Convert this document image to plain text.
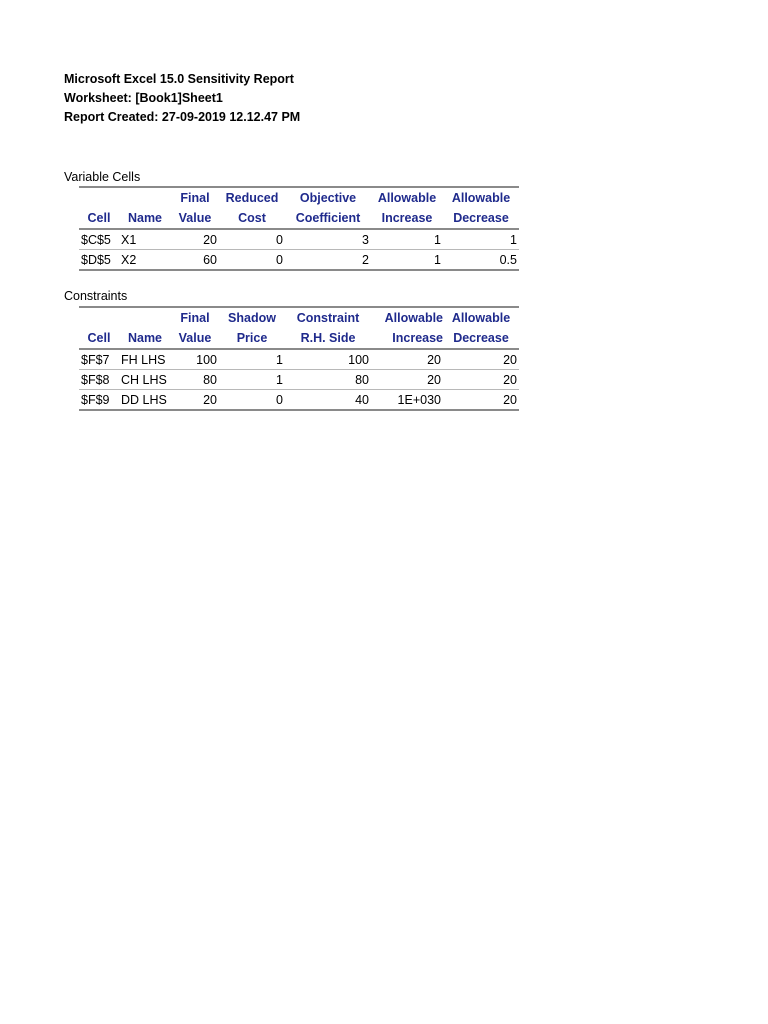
Microsoft Excel 15.0 Sensitivity Report
Worksheet: [Book1]Sheet1
Report Created: 27-09-2019 12.12.47 PM
Variable Cells
		Final	Reduced	Objective	Allowable	Allowable
Cell	Name	Value	Cost	Coefficient	Increase	Decrease
$C$5	X1	20	0	3	1	1
$D$5	X2	60	0	2	1	0.5
Constraints
		Final	Shadow	Constraint	Allowable	Allowable
Cell	Name	Value	Price	R.H. Side	Increase	Decrease
$F$7	FH LHS	100	1	100	20	20
$F$8	CH LHS	80	1	80	20	20
$F$9	DD LHS	20	0	40	1E+030	20
